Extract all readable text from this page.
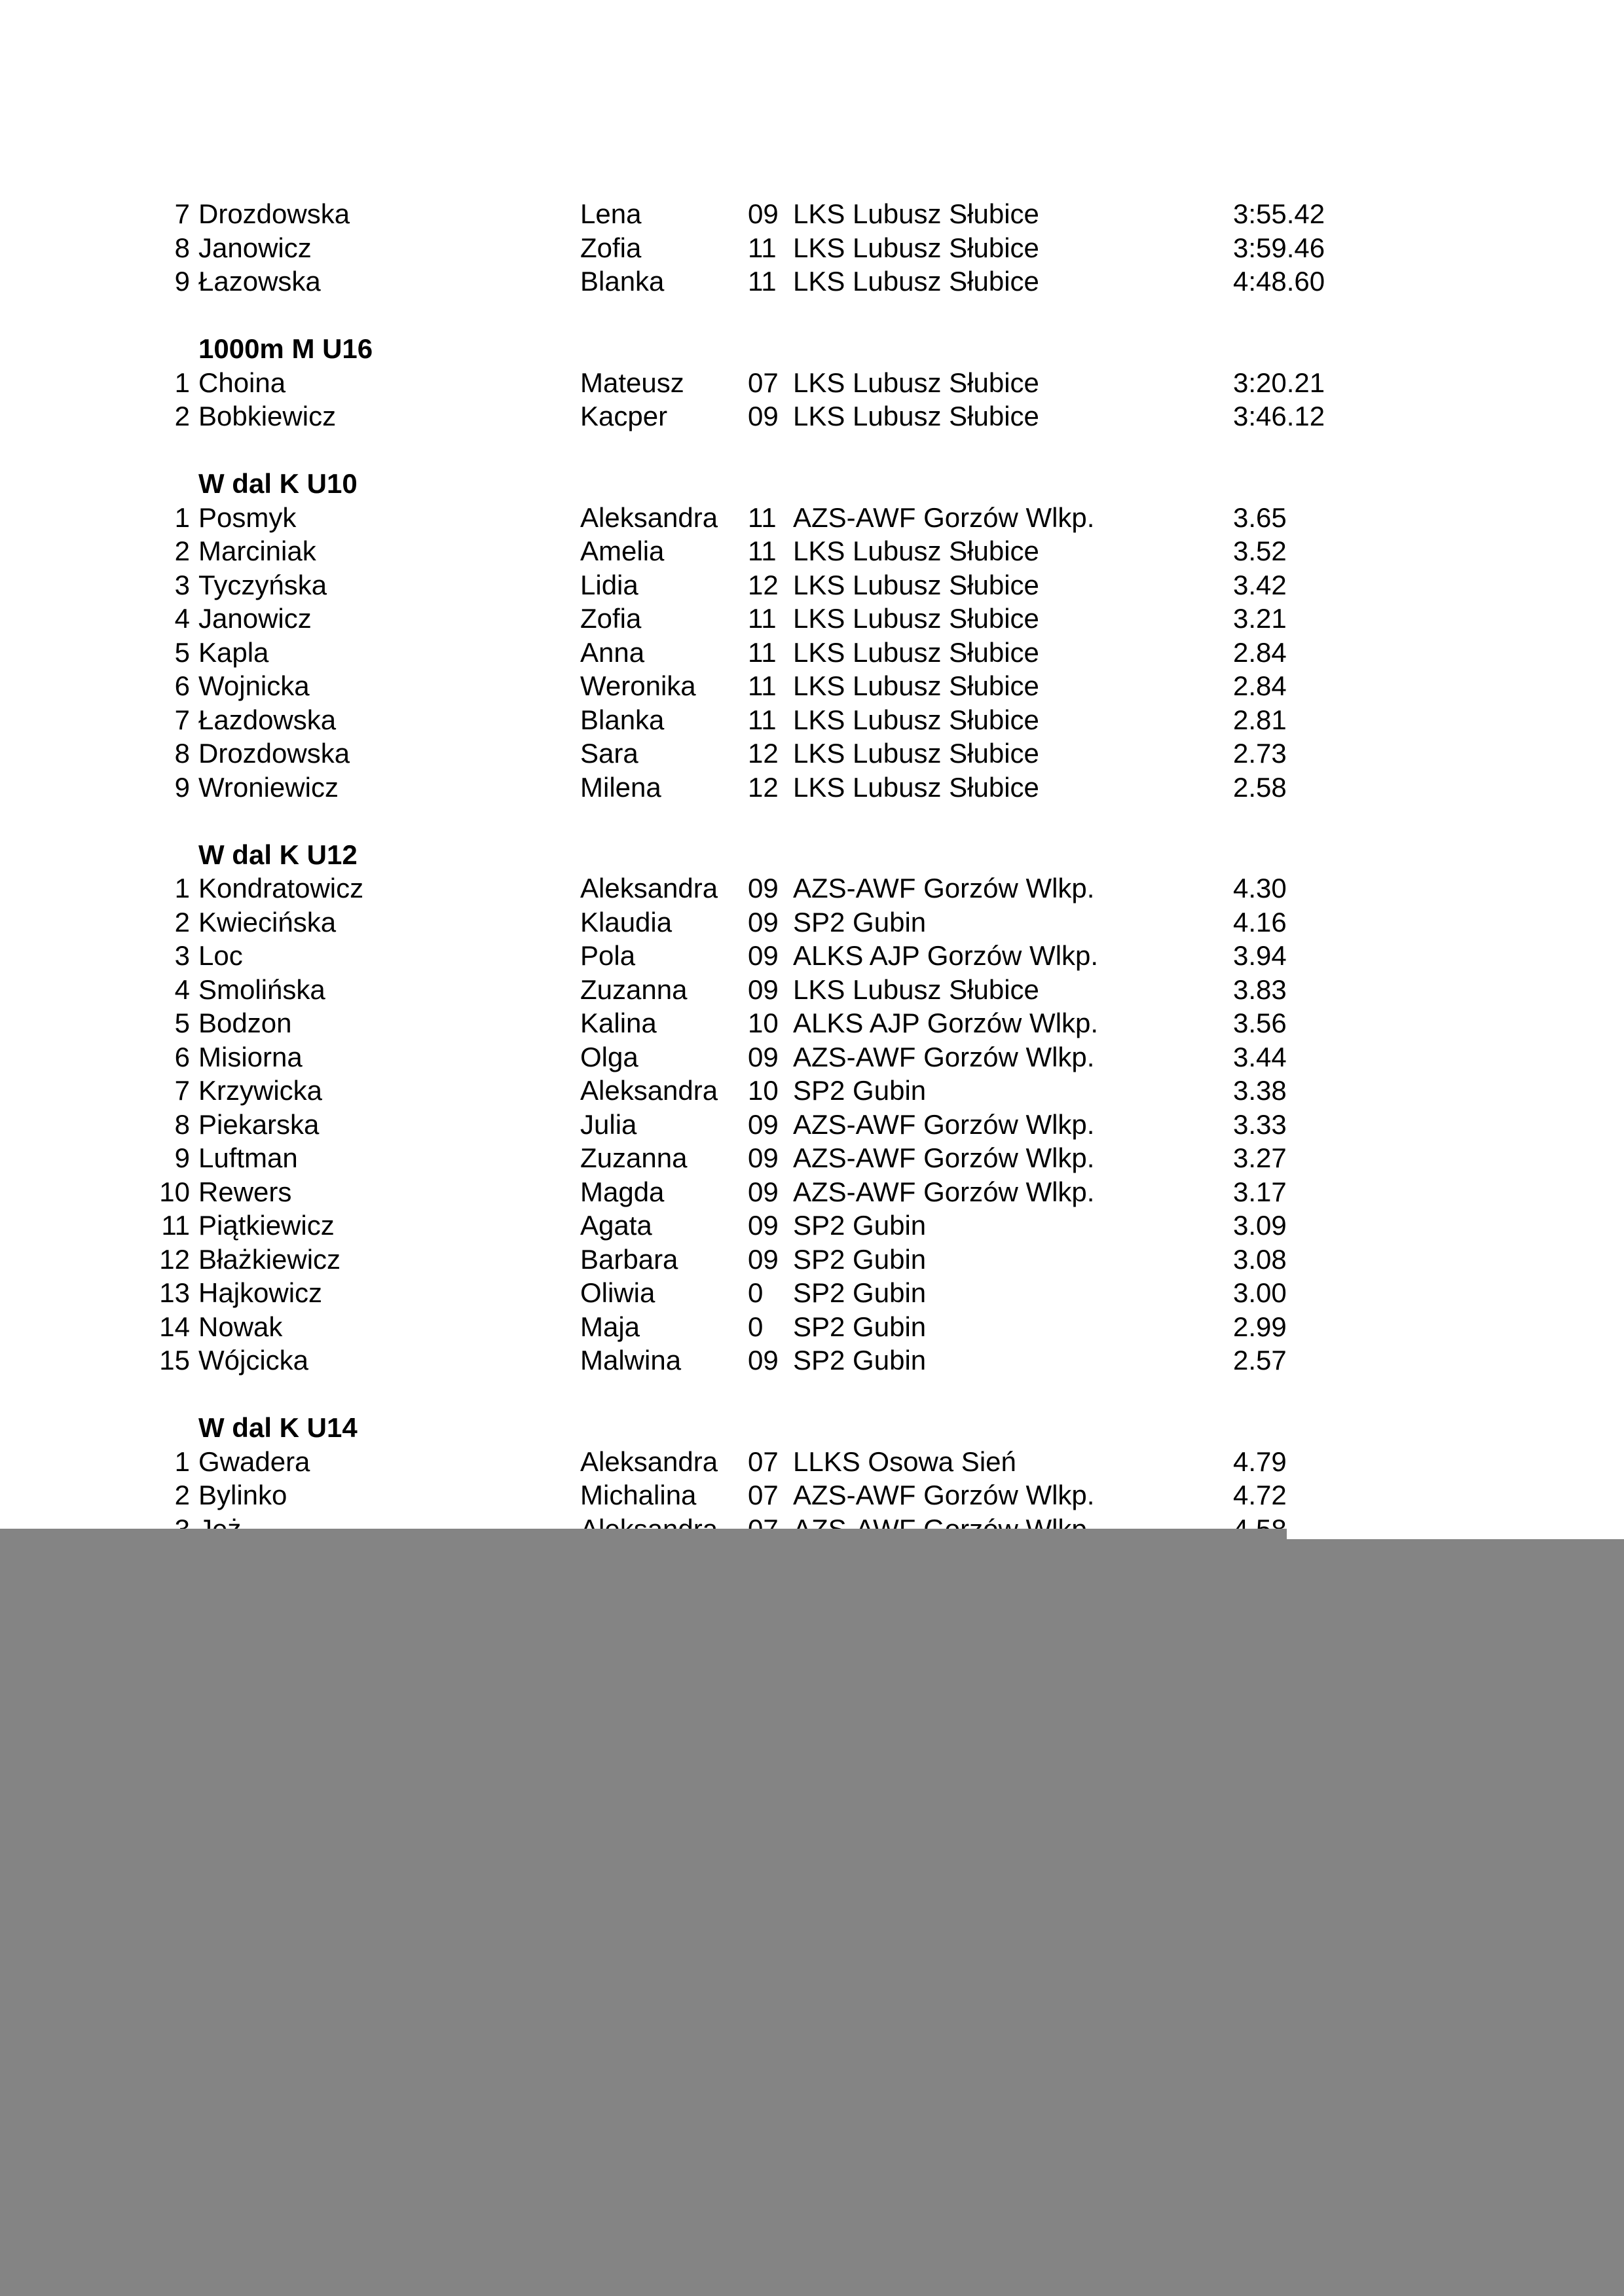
7 Drozdowska	Lena	09 LKS Lubusz Słubice	3:55.42
8 Janowicz	Zofia	11 LKS Lubusz Słubice	3:59.46
9 Łazowska	Blanka	11 LKS Lubusz Słubice	4:48.60
1000m M U16
1 Choina	Mateusz 07 LKS Lubusz Słubice	3:20.21
2 Bobkiewicz	Kacper	09 LKS Lubusz Słubice	3:46.12
W dal K U10
1 Posmyk	Aleksandra 11 AZS-AWF Gorzów Wlkp.	3.65
2 Marciniak	Amelia	11 LKS Lubusz Słubice	3.52
3 Tyczyńska	Lidia	12 LKS Lubusz Słubice	3.42
4 Janowicz	Zofia	11 LKS Lubusz Słubice	3.21
5 Kapla	Anna	11 LKS Lubusz Słubice	2.84
6 Wojnicka	Weronika 11 LKS Lubusz Słubice	2.84
7 Łazdowska	Blanka	11 LKS Lubusz Słubice	2.81
8 Drozdowska	Sara	12 LKS Lubusz Słubice	2.73
9 Wroniewicz	Milena	12 LKS Lubusz Słubice	2.58
W dal K U12
1 Kondratowicz	Aleksandra 09 AZS-AWF Gorzów Wlkp.	4.30
2 Kwiecińska	Klaudia	09 SP2 Gubin	4.16
3 Loc	Pola	09 ALKS AJP Gorzów Wlkp.	3.94
4 Smolińska	Zuzanna 09 LKS Lubusz Słubice	3.83
5 Bodzon	Kalina	10 ALKS AJP Gorzów Wlkp.	3.56
6 Misiorna	Olga	09 AZS-AWF Gorzów Wlkp.	3.44
7 Krzywicka	Aleksandra 10 SP2 Gubin	3.38
8 Piekarska	Julia	09 AZS-AWF Gorzów Wlkp.	3.33
9 Luftman	Zuzanna 09 AZS-AWF Gorzów Wlkp.	3.27
10 Rewers	Magda	09 AZS-AWF Gorzów Wlkp.	3.17
11 Piątkiewicz	Agata	09 SP2 Gubin	3.09
12 Błażkiewicz	Barbara	09 SP2 Gubin	3.08
13 Hajkowicz	Oliwia	0 SP2 Gubin	3.00
14 Nowak	Maja	0 SP2 Gubin	2.99
15 Wójcicka	Malwina 09 SP2 Gubin	2.57
W dal K U14
1 Gwadera	Aleksandra 07 LLKS Osowa Sień	4.79
2 Bylinko	Michalina 07 AZS-AWF Gorzów Wlkp.	4.72
